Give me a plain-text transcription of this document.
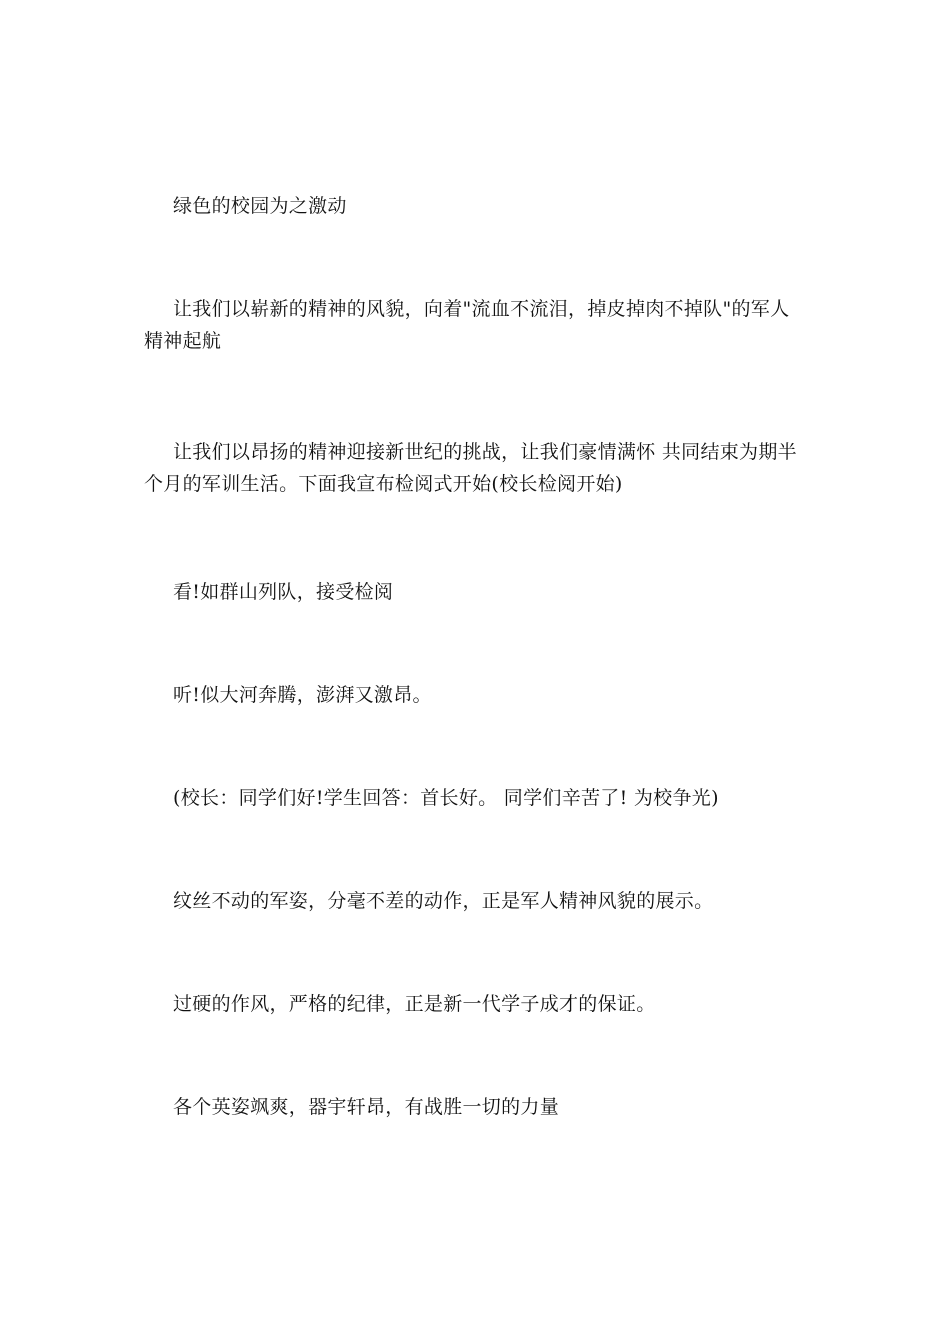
绿色的校园为之激动

让我们以崭新的精神的风貌，向着"流血不流泪，掉皮掉肉不掉队"的军人精神起航

让我们以昂扬的精神迎接新世纪的挑战，让我们豪情满怀 共同结束为期半个月的军训生活。下面我宣布检阅式开始(校长检阅开始)

看!如群山列队，接受检阅

听!似大河奔腾，澎湃又激昂。

(校长：同学们好!学生回答：首长好。 同学们辛苦了! 为校争光)

纹丝不动的军姿，分毫不差的动作，正是军人精神风貌的展示。

过硬的作风，严格的纪律，正是新一代学子成才的保证。

各个英姿飒爽，器宇轩昂，有战胜一切的力量
